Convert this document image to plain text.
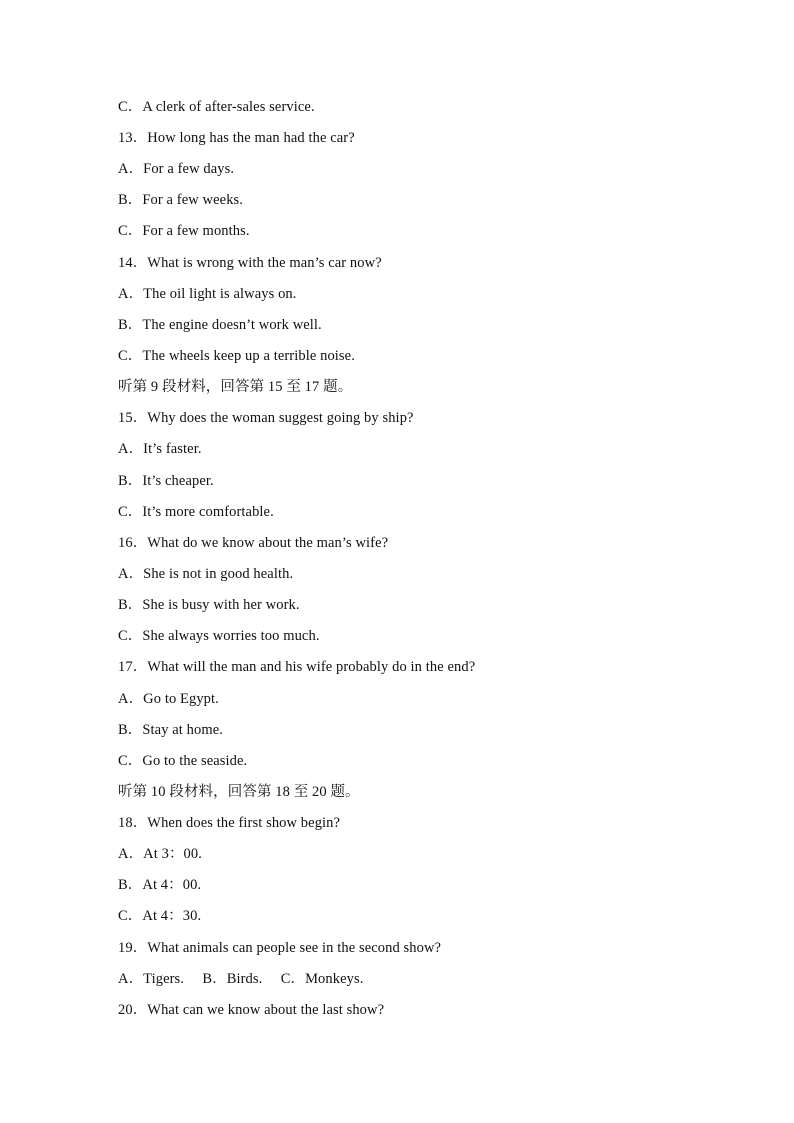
C．A clerk of after-sales service.
13．How long has the man had the car?
A．For a few days.
B．For a few weeks.
C．For a few months.
14．What is wrong with the man’s car now?
A．The oil light is always on.
B．The engine doesn’t work well.
C．The wheels keep up a terrible noise.
听第 9 段材料，回答第 15 至 17 题。
15．Why does the woman suggest going by ship?
A．It’s faster.
B．It’s cheaper.
C．It’s more comfortable.
16．What do we know about the man’s wife?
A．She is not in good health.
B．She is busy with her work.
C．She always worries too much.
17．What will the man and his wife probably do in the end?
A．Go to Egypt.
B．Stay at home.
C．Go to the seaside.
听第 10 段材料，回答第 18 至 20 题。
18．When does the first show begin?
A．At 3：00.
B．At 4：00.
C．At 4：30.
19．What animals can people see in the second show?
A．Tigers.　 B．Birds.　 C．Monkeys.
20．What can we know about the last show?
